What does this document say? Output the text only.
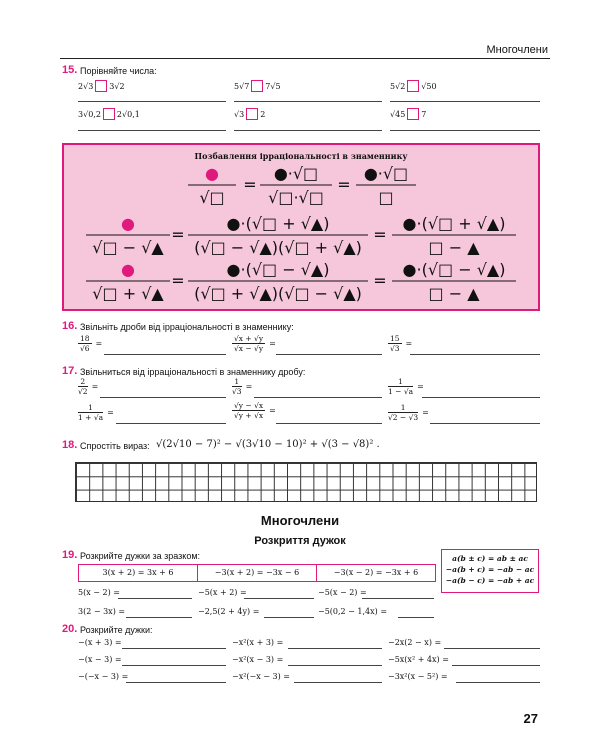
Многочлени
15. Порівняйте числа:
2√3 3√2	5√7 7√5	5√2 √50
3√0,2 2√0,1	√3 2	√45 7
Позбавлення ірраціональності в знаменнику
●
√□
=
●·√□
√□·√□
=
●·√□
□
●
√□ − √▲
=
●·(√□ + √▲)
(√□ − √▲)(√□ + √▲)
=
●·(√□ + √▲)
□ − ▲
●
√□ + √▲
=
●·(√□ − √▲)
(√□ + √▲)(√□ − √▲)
=
●·(√□ − √▲)
□ − ▲
16. Звільніть дроби від ірраціональності в знаменнику:
$\frac{18}{√6}$ =	$\frac{√x + √y}{√x - √y}$ =	$\frac{15}{√3}$ =
17. Звільниться від ірраціональності в знаменнику дробу:
$\frac{2}{√2}$ =	$\frac{1}{√3}$ =	$\frac{1}{1 - √a}$ =
$\frac{1}{1 + √a}$ =	$\frac{√y - √x}{√y + √x}$ =	$\frac{1}{√2 - √3}$ =
18. Спростіть вираз: √(2√10 − 7)² − √(3√10 − 10)² + √(3 − √8)² .
Многочлени
Розкриття дужок
19. Розкрийте дужки за зразком:	a(b ± c) = ab ± ac
−a(b + c) = −ab − ac
−a(b − c) = −ab + ac
3(x + 2) = 3x + 6	−3(x + 2) = −3x − 6	−3(x − 2) = −3x + 6
5(x − 2) =	−5(x + 2) =	−5(x − 2) =
3(2 − 3x) =	−2,5(2 + 4y) =	−5(0,2 − 1,4x) =
20. Розкрийте дужки:
−(x + 3) =	−x²(x + 3) =	−2x(2 − x) =
−(x − 3) =	−x²(x − 3) =	−5x(x² + 4x) =
−(−x − 3) =	−x²(−x − 3) =	−3x²(x − 5²) =
27
